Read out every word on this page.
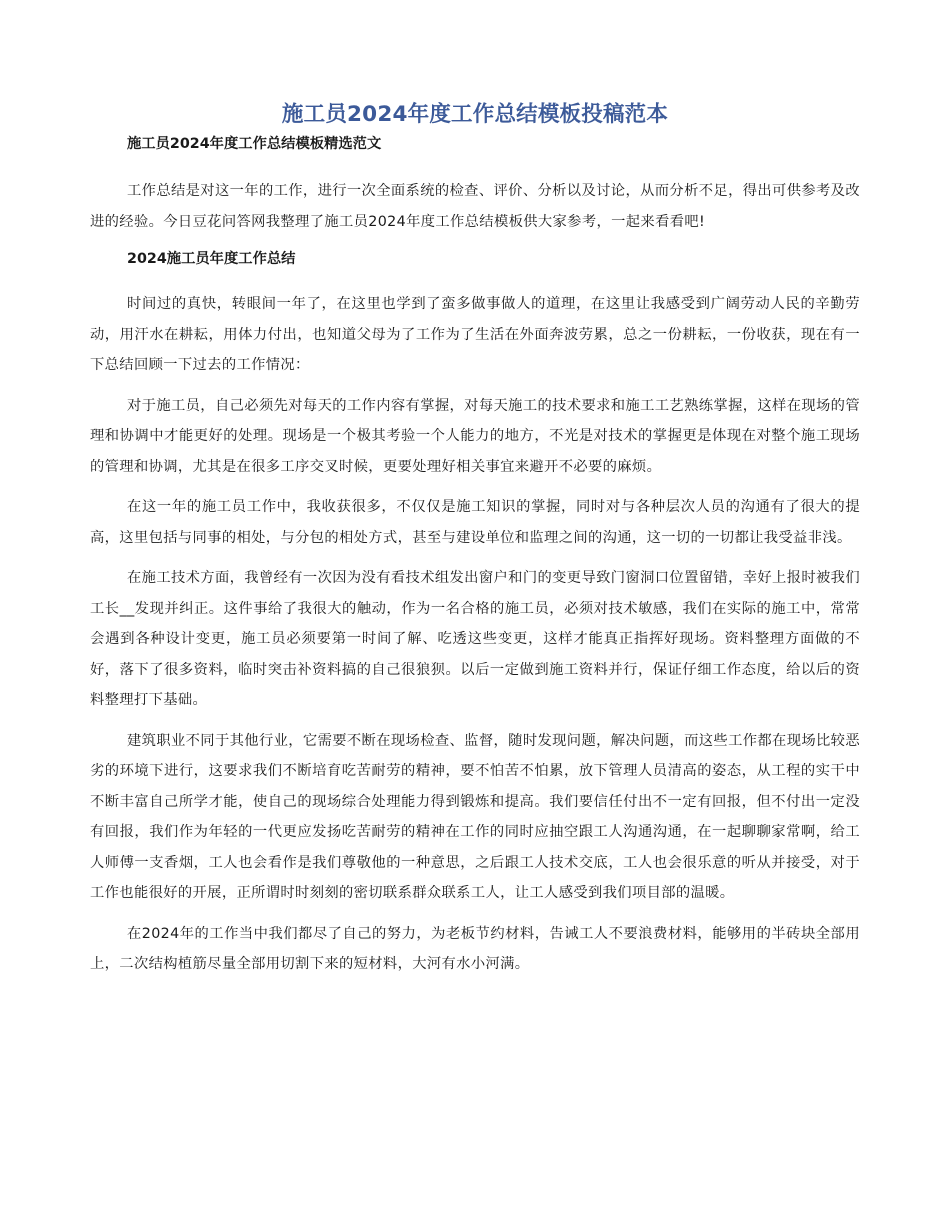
施工员2024年度工作总结模板投稿范本
施工员2024年度工作总结模板精选范文

工作总结是对这一年的工作，进行一次全面系统的检查、评价、分析以及讨论，从而分析不足，得出可供参考及改进的经验。今日豆花问答网我整理了施工员2024年度工作总结模板供大家参考，一起来看看吧!

2024施工员年度工作总结

时间过的真快，转眼间一年了，在这里也学到了蛮多做事做人的道理，在这里让我感受到广阔劳动人民的辛勤劳动，用汗水在耕耘，用体力付出，也知道父母为了工作为了生活在外面奔波劳累，总之一份耕耘，一份收获，现在有一下总结回顾一下过去的工作情况：

对于施工员，自己必须先对每天的工作内容有掌握，对每天施工的技术要求和施工工艺熟练掌握，这样在现场的管理和协调中才能更好的处理。现场是一个极其考验一个人能力的地方，不光是对技术的掌握更是体现在对整个施工现场的管理和协调，尤其是在很多工序交叉时候，更要处理好相关事宜来避开不必要的麻烦。

在这一年的施工员工作中，我收获很多，不仅仅是施工知识的掌握，同时对与各种层次人员的沟通有了很大的提高，这里包括与同事的相处，与分包的相处方式，甚至与建设单位和监理之间的沟通，这一切的一切都让我受益非浅。

在施工技术方面，我曾经有一次因为没有看技术组发出窗户和门的变更导致门窗洞口位置留错，幸好上报时被我们工长__发现并纠正。这件事给了我很大的触动，作为一名合格的施工员，必须对技术敏感，我们在实际的施工中，常常会遇到各种设计变更，施工员必须要第一时间了解、吃透这些变更，这样才能真正指挥好现场。资料整理方面做的不好，落下了很多资料，临时突击补资料搞的自己很狼狈。以后一定做到施工资料并行，保证仔细工作态度，给以后的资料整理打下基础。

建筑职业不同于其他行业，它需要不断在现场检查、监督，随时发现问题，解决问题，而这些工作都在现场比较恶劣的环境下进行，这要求我们不断培育吃苦耐劳的精神，要不怕苦不怕累，放下管理人员清高的姿态，从工程的实干中不断丰富自己所学才能，使自己的现场综合处理能力得到锻炼和提高。我们要信任付出不一定有回报，但不付出一定没有回报，我们作为年轻的一代更应发扬吃苦耐劳的精神在工作的同时应抽空跟工人沟通沟通，在一起聊聊家常啊，给工人师傅一支香烟，工人也会看作是我们尊敬他的一种意思，之后跟工人技术交底，工人也会很乐意的听从并接受，对于工作也能很好的开展，正所谓时时刻刻的密切联系群众联系工人，让工人感受到我们项目部的温暖。

在2024年的工作当中我们都尽了自己的努力，为老板节约材料，告诫工人不要浪费材料，能够用的半砖块全部用上，二次结构植筋尽量全部用切割下来的短材料，大河有水小河满。
